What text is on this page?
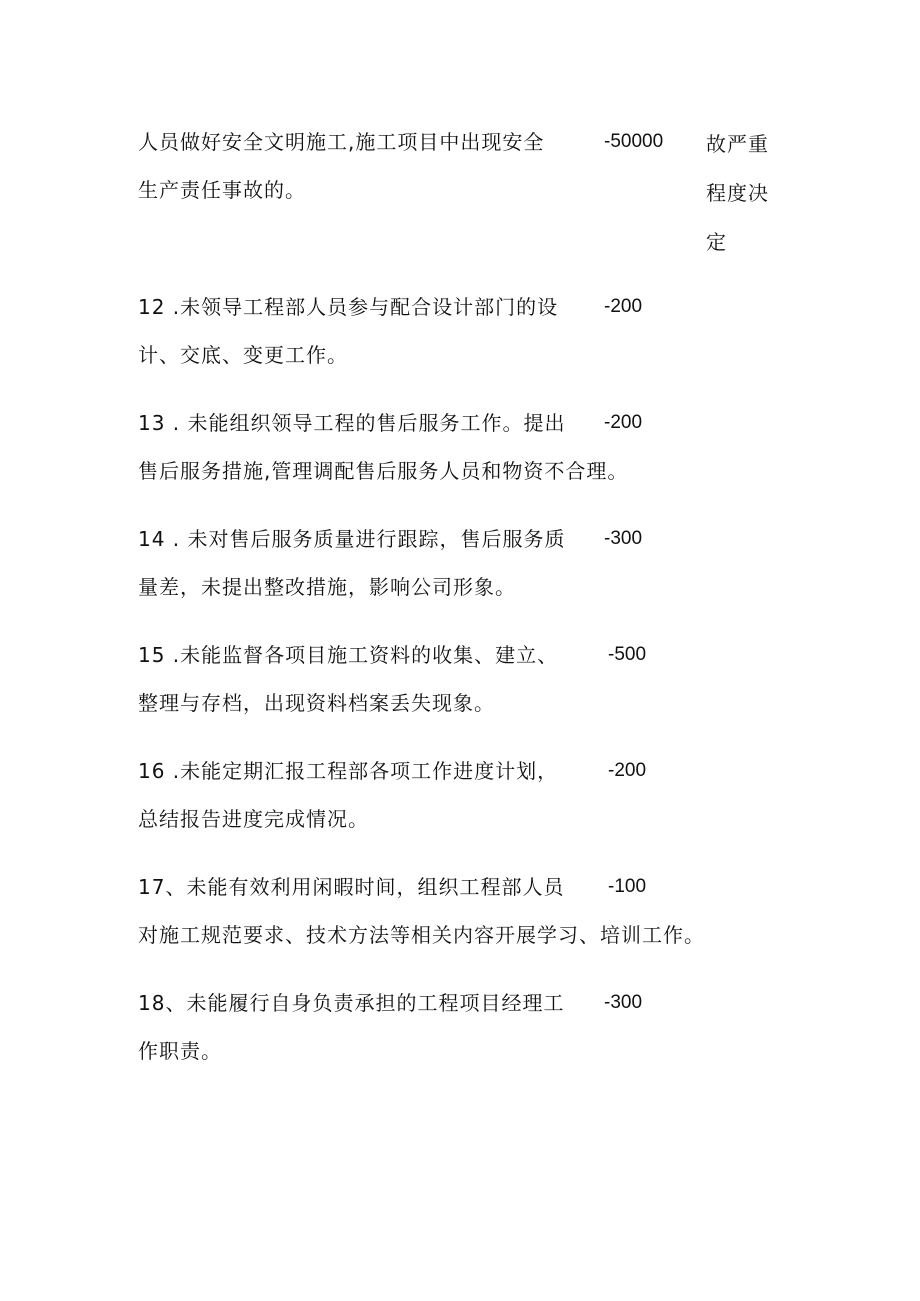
人员做好安全文明施工,施工项目中出现安全	-50000 故严重
生产责任事故的。	程度决
定
12 .未领导工程部人员参与配合设计部门的设 -200
计、交底、变更工作。
13 . 未能组织领导工程的售后服务工作。提出 -200
售后服务措施,管理调配售后服务人员和物资不合理。
14 . 未对售后服务质量进行跟踪，售后服务质 -300
量差，未提出整改措施，影响公司形象。
15 .未能监督各项目施工资料的收集、建立、	-500
整理与存档，出现资料档案丢失现象。
16 .未能定期汇报工程部各项工作进度计划，	-200
总结报告进度完成情况。
17、未能有效利用闲暇时间，组织工程部人员 -100
对施工规范要求、技术方法等相关内容开展学习、培训工作。
18、未能履行自身负责承担的工程项目经理工 -300
作职责。
